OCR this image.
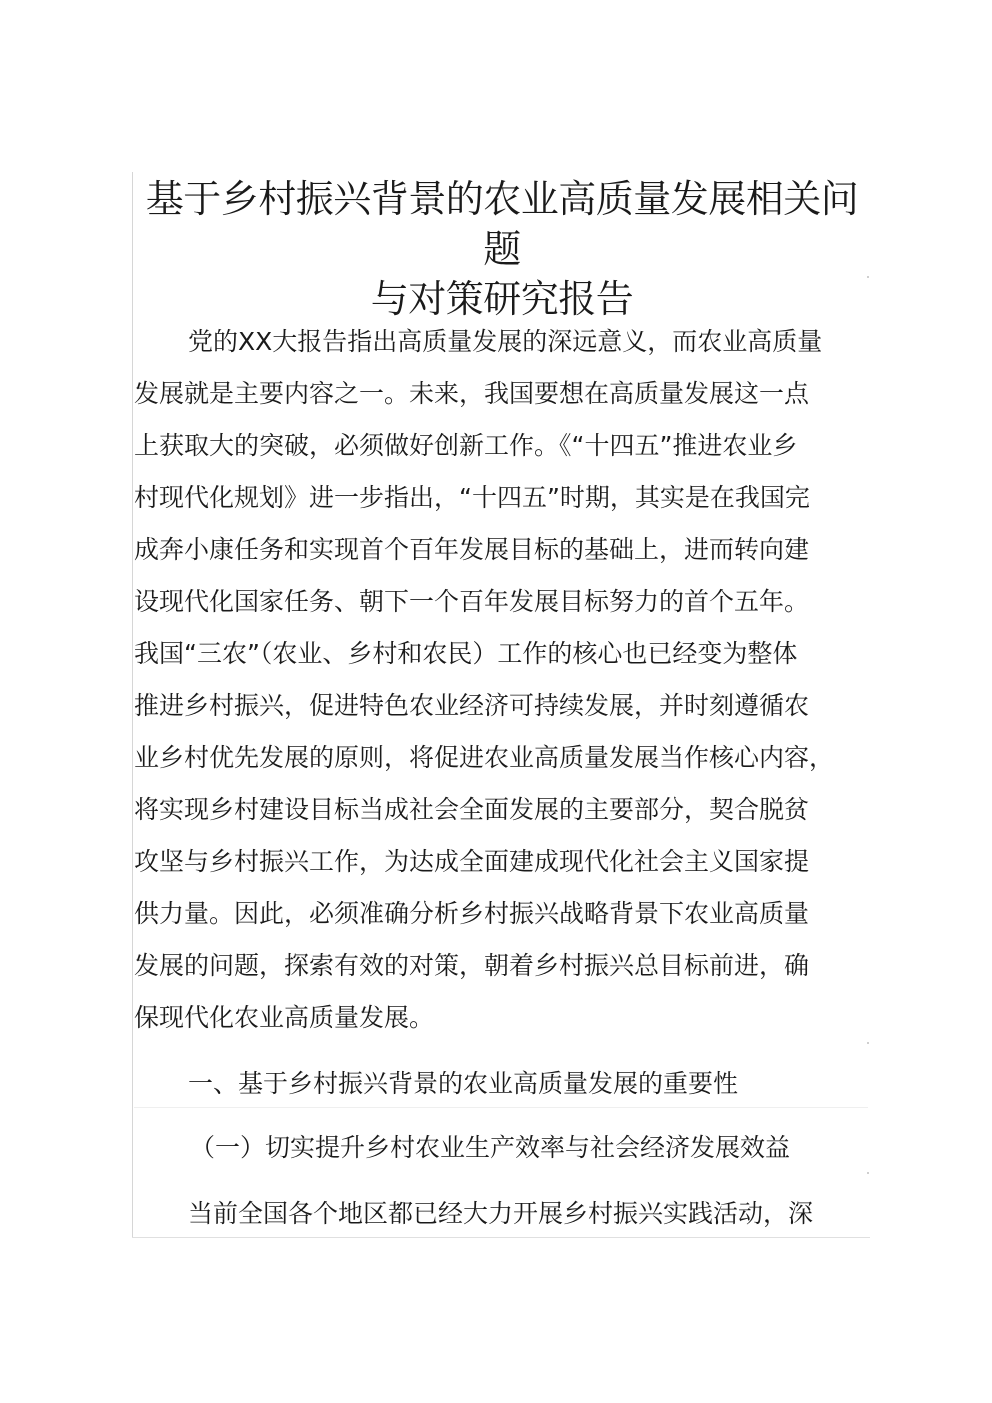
基于乡村振兴背景的农业高质量发展相关问题
与对策研究报告

党的XX大报告指出高质量发展的深远意义，而农业高质量

发展就是主要内容之一。未来，我国要想在高质量发展这一点

上获取大的突破，必须做好创新工作。《“十四五”推进农业乡

村现代化规划》进一步指出，“十四五”时期，其实是在我国完

成奔小康任务和实现首个百年发展目标的基础上，进而转向建

设现代化国家任务、朝下一个百年发展目标努力的首个五年。

我国“三农”（农业、乡村和农民）工作的核心也已经变为整体

推进乡村振兴，促进特色农业经济可持续发展，并时刻遵循农

业乡村优先发展的原则，将促进农业高质量发展当作核心内容，

将实现乡村建设目标当成社会全面发展的主要部分，契合脱贫

攻坚与乡村振兴工作，为达成全面建成现代化社会主义国家提

供力量。因此，必须准确分析乡村振兴战略背景下农业高质量

发展的问题，探索有效的对策，朝着乡村振兴总目标前进，确

保现代化农业高质量发展。

一、基于乡村振兴背景的农业高质量发展的重要性

（一）切实提升乡村农业生产效率与社会经济发展效益

当前全国各个地区都已经大力开展乡村振兴实践活动，深
